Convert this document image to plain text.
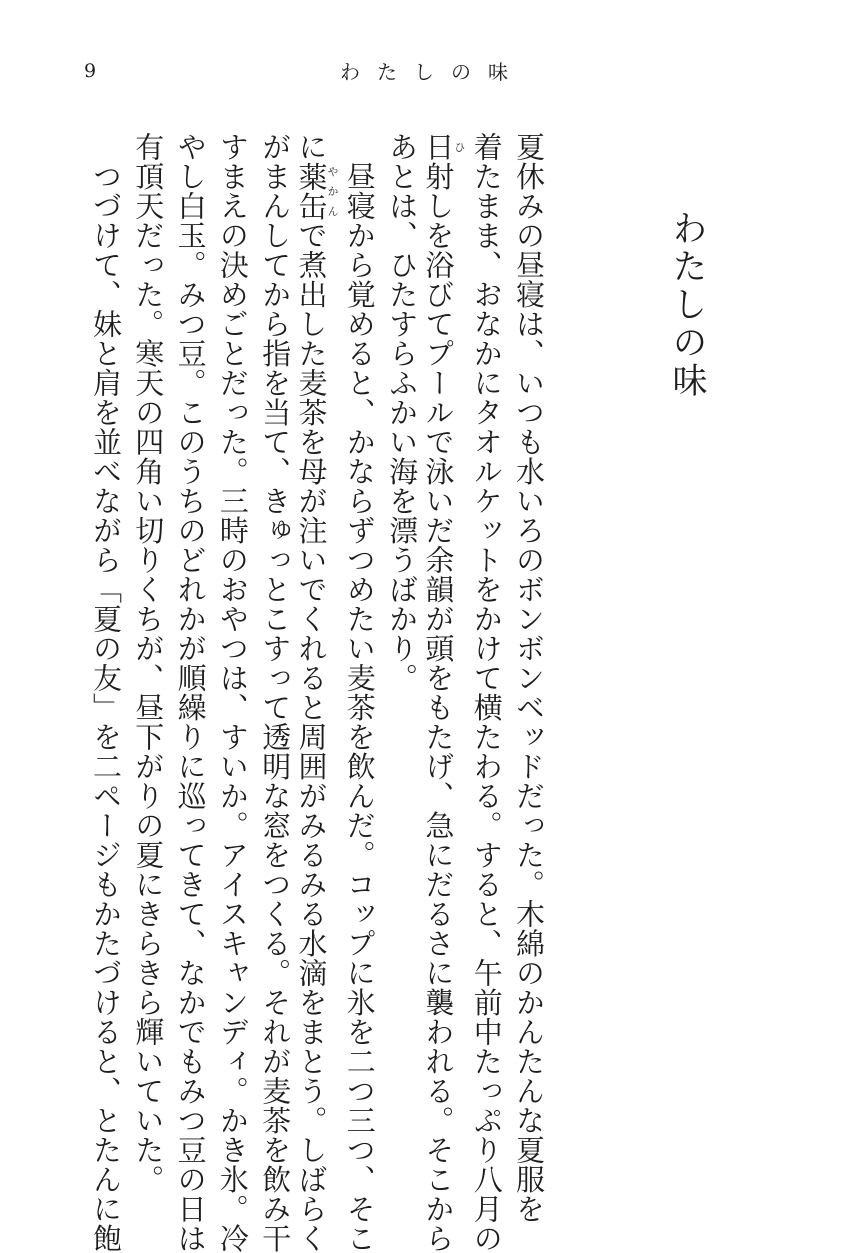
9	わたしの味
わたしの味
夏休みの昼寝は、いつも水いろのボンボンベッドだった。木綿のかんたんな夏服を
着たまま、おなかにタオルケットをかけて横たわる。すると、午前中たっぷり八月の
日ひ射しを浴びてプールで泳いだ余韻が頭をもたげ、急にだるさに襲われる。そこから
あとは、ひたすらふかい海を漂うばかり。
　昼寝から覚めると、かならずつめたい麦茶を飲んだ。コップに氷を二つ三つ、そこ
に薬缶やかんで煮出した麦茶を母が注いでくれると周囲がみるみる水滴をまとう。しばらく
がまんしてから指を当て、きゅっとこすって透明な窓をつくる。それが麦茶を飲み干
すまえの決めごとだった。三時のおやつは、すいか。アイスキャンディ。かき氷。冷
やし白玉。みつ豆。このうちのどれかが順繰りに巡ってきて、なかでもみつ豆の日は
有頂天だった。寒天の四角い切りくちが、昼下がりの夏にきらきら輝いていた。
　つづけて、妹と肩を並べながら「夏の友」を二ページもかたづけると、とたんに飽
